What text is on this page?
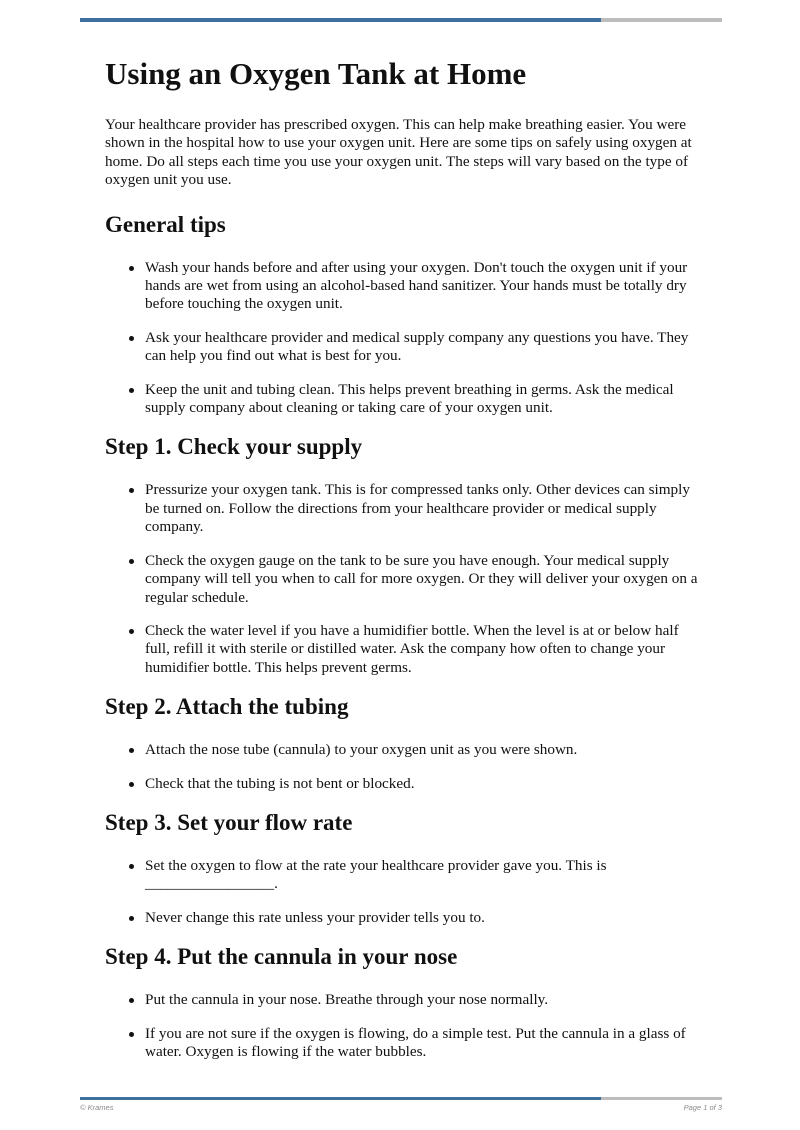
Using an Oxygen Tank at Home

Your healthcare provider has prescribed oxygen. This can help make breathing easier. You were shown in the hospital how to use your oxygen unit. Here are some tips on safely using oxygen at home. Do all steps each time you use your oxygen unit. The steps will vary based on the type of oxygen unit you use.

General tips
Wash your hands before and after using your oxygen. Don't touch the oxygen unit if your hands are wet from using an alcohol-based hand sanitizer. Your hands must be totally dry before touching the oxygen unit.
Ask your healthcare provider and medical supply company any questions you have. They can help you find out what is best for you.
Keep the unit and tubing clean. This helps prevent breathing in germs. Ask the medical supply company about cleaning or taking care of your oxygen unit.
Step 1. Check your supply
Pressurize your oxygen tank. This is for compressed tanks only. Other devices can simply be turned on. Follow the directions from your healthcare provider or medical supply company.
Check the oxygen gauge on the tank to be sure you have enough. Your medical supply company will tell you when to call for more oxygen. Or they will deliver your oxygen on a regular schedule.
Check the water level if you have a humidifier bottle. When the level is at or below half full, refill it with sterile or distilled water. Ask the company how often to change your humidifier bottle. This helps prevent germs.
Step 2. Attach the tubing
Attach the nose tube (cannula) to your oxygen unit as you were shown.
Check that the tubing is not bent or blocked.
Step 3. Set your flow rate
Set the oxygen to flow at the rate your healthcare provider gave you. This is _________________.
Never change this rate unless your provider tells you to.
Step 4. Put the cannula in your nose
Put the cannula in your nose. Breathe through your nose normally.
If you are not sure if the oxygen is flowing, do a simple test. Put the cannula in a glass of water. Oxygen is flowing if the water bubbles.
© Krames	Page 1 of 3
